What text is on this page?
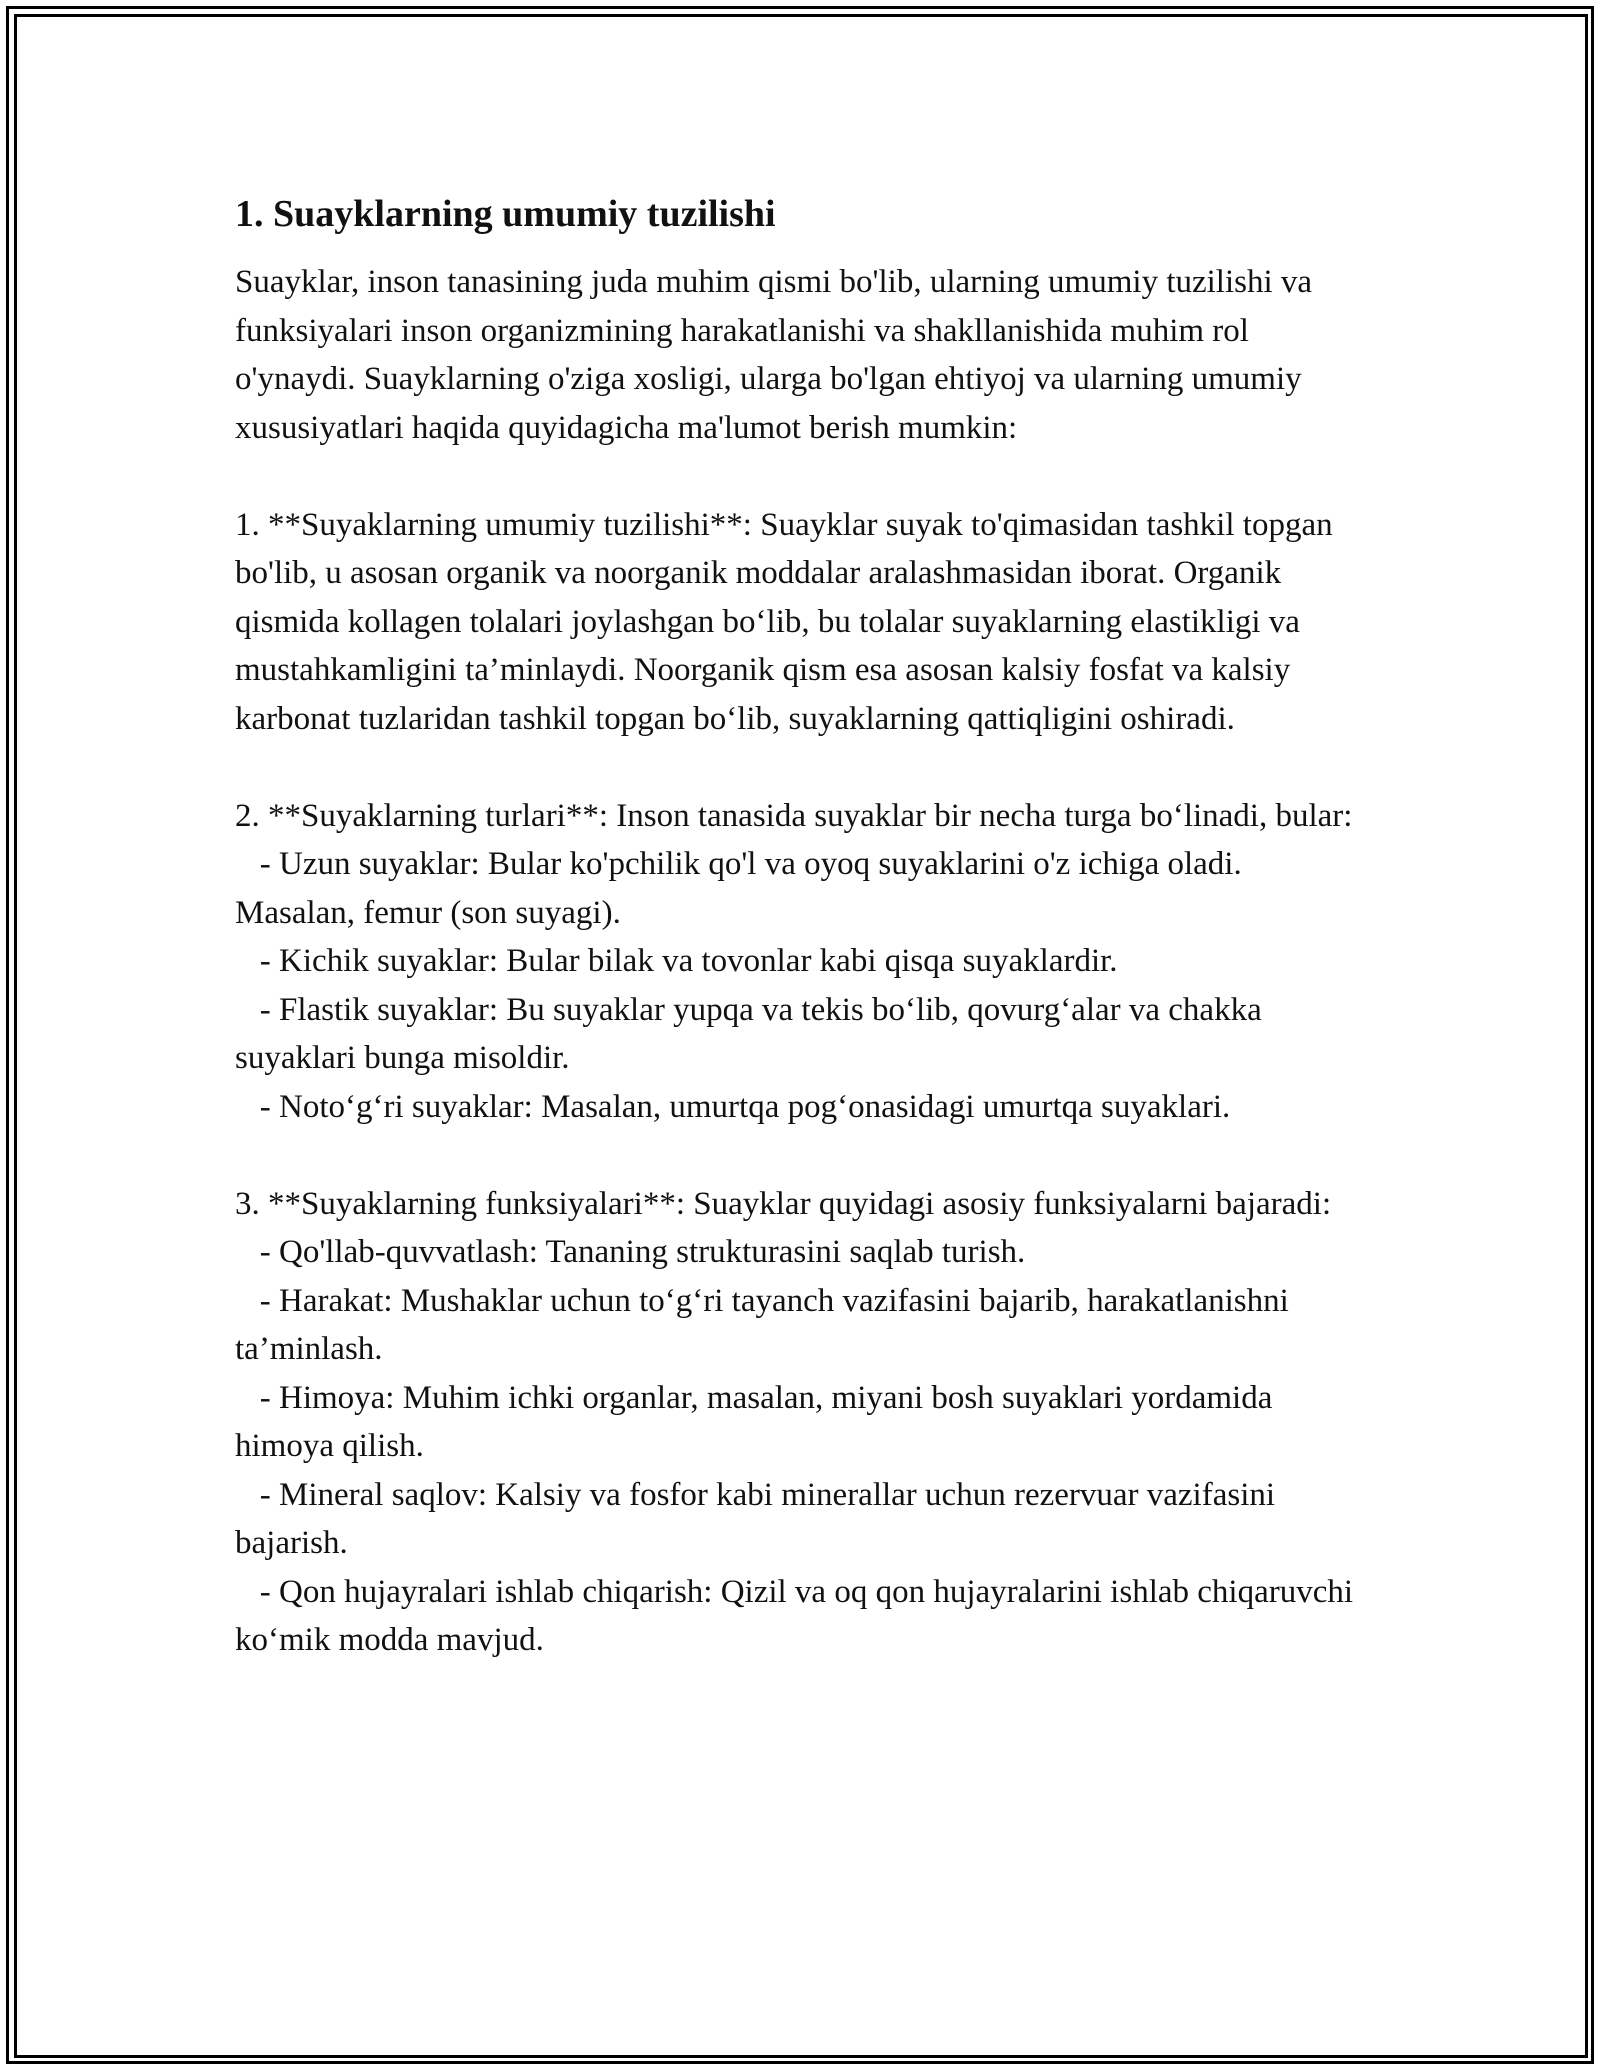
1. Suayklarning umumiy tuzilishi

Suayklar, inson tanasining juda muhim qismi bo'lib, ularning umumiy tuzilishi va funksiyalari inson organizmining harakatlanishi va shakllanishida muhim rol o'ynaydi. Suayklarning o'ziga xosligi, ularga bo'lgan ehtiyoj va ularning umumiy xususiyatlari haqida quyidagicha ma'lumot berish mumkin:

1. **Suyaklarning umumiy tuzilishi**: Suayklar suyak to'qimasidan tashkil topgan bo'lib, u asosan organik va noorganik moddalar aralashmasidan iborat. Organik qismida kollagen tolalari joylashgan bo‘lib, bu tolalar suyaklarning elastikligi va mustahkamligini ta’minlaydi. Noorganik qism esa asosan kalsiy fosfat va kalsiy karbonat tuzlaridan tashkil topgan bo‘lib, suyaklarning qattiqligini oshiradi.

2. **Suyaklarning turlari**: Inson tanasida suyaklar bir necha turga bo‘linadi, bular:

- Uzun suyaklar: Bular ko'pchilik qo'l va oyoq suyaklarini o'z ichiga oladi. Masalan, femur (son suyagi).

- Kichik suyaklar: Bular bilak va tovonlar kabi qisqa suyaklardir.

- Flastik suyaklar: Bu suyaklar yupqa va tekis bo‘lib, qovurg‘alar va chakka suyaklari bunga misoldir.

- Noto‘g‘ri suyaklar: Masalan, umurtqa pog‘onasidagi umurtqa suyaklari.

3. **Suyaklarning funksiyalari**: Suayklar quyidagi asosiy funksiyalarni bajaradi:

- Qo'llab-quvvatlash: Tananing strukturasini saqlab turish.

- Harakat: Mushaklar uchun to‘g‘ri tayanch vazifasini bajarib, harakatlanishni ta’minlash.

- Himoya: Muhim ichki organlar, masalan, miyani bosh suyaklari yordamida himoya qilish.

- Mineral saqlov: Kalsiy va fosfor kabi minerallar uchun rezervuar vazifasini bajarish.

- Qon hujayralari ishlab chiqarish: Qizil va oq qon hujayralarini ishlab chiqaruvchi ko‘mik modda mavjud.
